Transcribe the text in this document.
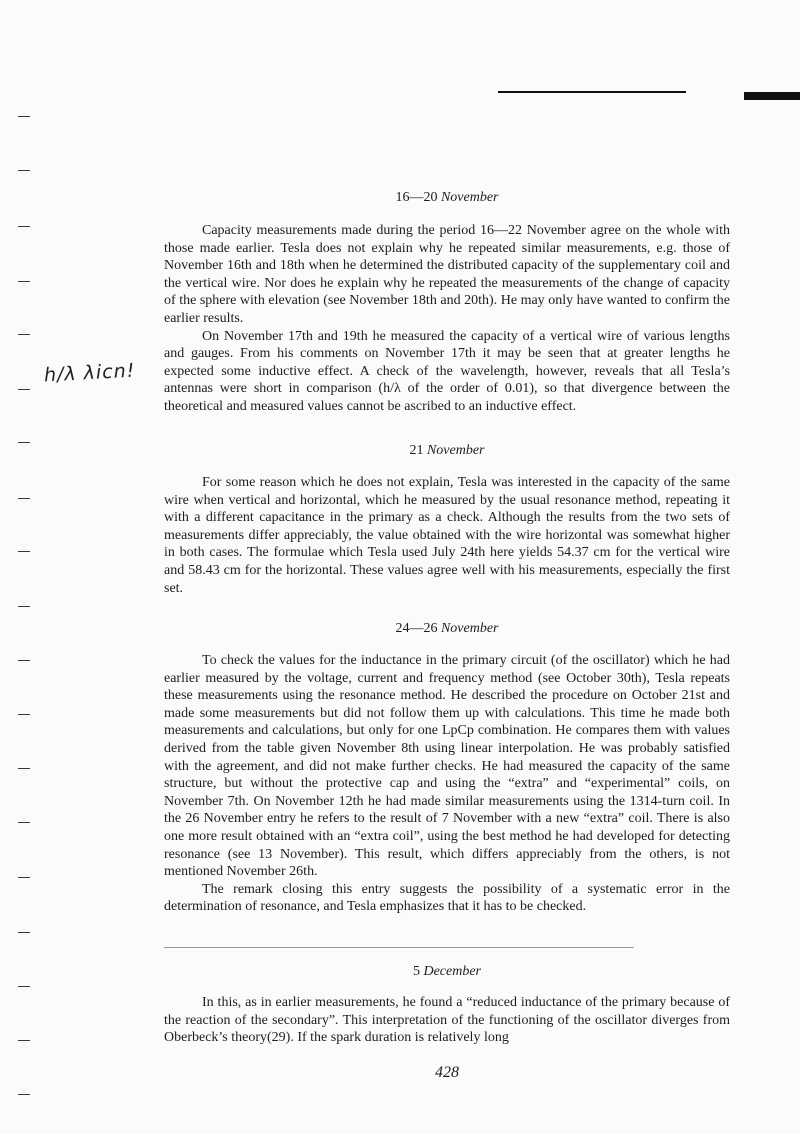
h/λ λicn!
16—20 November

Capacity measurements made during the period 16—22 November agree on the whole with those made earlier. Tesla does not explain why he repeated similar measurements, e.g. those of November 16th and 18th when he determined the distributed capacity of the supplementary coil and the vertical wire. Nor does he explain why he repeated the measurements of the change of capacity of the sphere with elevation (see November 18th and 20th). He may only have wanted to confirm the earlier results.

On November 17th and 19th he measured the capacity of a vertical wire of various lengths and gauges. From his comments on November 17th it may be seen that at greater lengths he expected some inductive effect. A check of the wavelength, however, reveals that all Tesla’s antennas were short in comparison (h/λ of the order of 0.01), so that divergence between the theoretical and measured values cannot be ascribed to an inductive effect.

21 November

For some reason which he does not explain, Tesla was interested in the capacity of the same wire when vertical and horizontal, which he measured by the usual resonance method, repeating it with a different capacitance in the primary as a check. Although the results from the two sets of measurements differ appreciably, the value obtained with the wire horizontal was somewhat higher in both cases. The formulae which Tesla used July 24th here yields 54.37 cm for the vertical wire and 58.43 cm for the horizontal. These values agree well with his measurements, especially the first set.

24—26 November

To check the values for the inductance in the primary circuit (of the oscillator) which he had earlier measured by the voltage, current and frequency method (see October 30th), Tesla repeats these measurements using the resonance method. He described the procedure on October 21st and made some measurements but did not follow them up with calculations. This time he made both measurements and calculations, but only for one LpCp combination. He compares them with values derived from the table given November 8th using linear interpolation. He was probably satisfied with the agreement, and did not make further checks. He had measured the capacity of the same structure, but without the protective cap and using the “extra” and “experimental” coils, on November 7th. On November 12th he had made similar measurements using the 1314-turn coil. In the 26 November entry he refers to the result of 7 November with a new “extra” coil. There is also one more result obtained with an “extra coil”, using the best method he had developed for detecting resonance (see 13 November). This result, which differs appreciably from the others, is not mentioned November 26th.

The remark closing this entry suggests the possibility of a systematic error in the determination of resonance, and Tesla emphasizes that it has to be checked.

5 December

In this, as in earlier measurements, he found a “reduced inductance of the primary because of the reaction of the secondary”. This interpretation of the functioning of the oscillator diverges from Oberbeck’s theory(29). If the spark duration is relatively long

428
